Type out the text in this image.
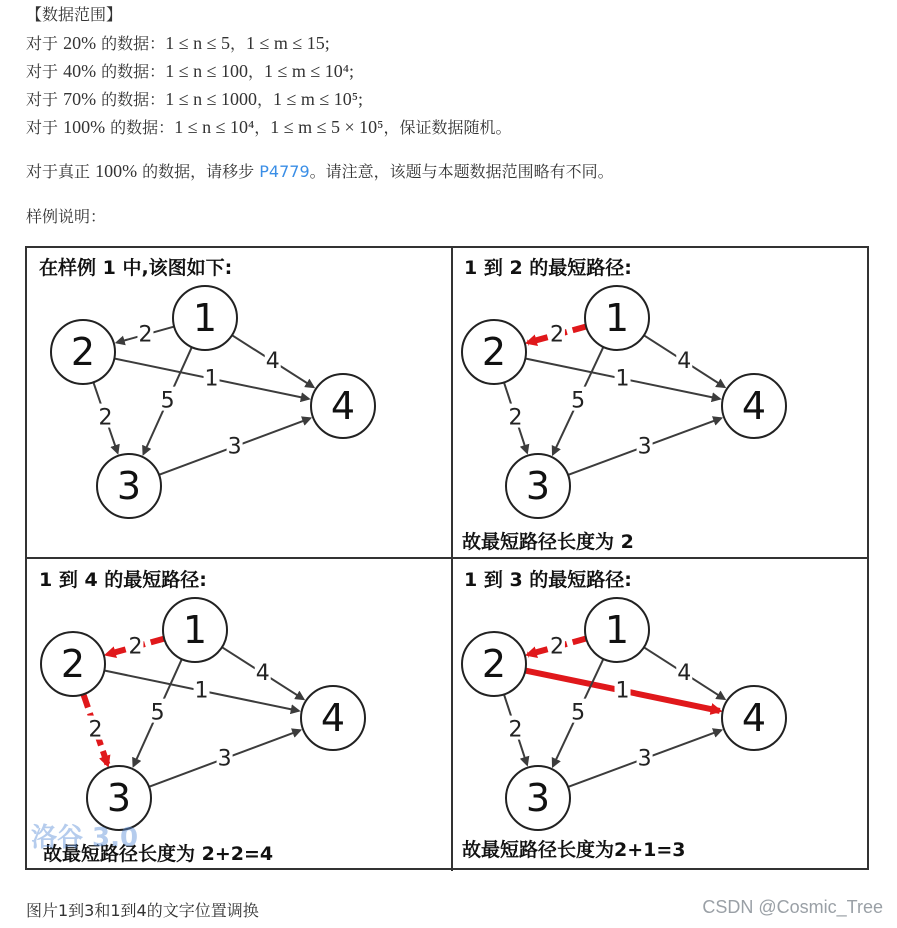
【数据范围】
对于 20% 的数据：1 ≤ n ≤ 5，1 ≤ m ≤ 15;
对于 40% 的数据：1 ≤ n ≤ 100，1 ≤ m ≤ 10⁴;
对于 70% 的数据：1 ≤ n ≤ 1000，1 ≤ m ≤ 10⁵;
对于 100% 的数据：1 ≤ n ≤ 10⁴，1 ≤ m ≤ 5 × 10⁵，保证数据随机。
对于真正 100% 的数据，请移步 P4779。请注意，该题与本题数据范围略有不同。
样例说明：
在样例 1 中,该图如下:
2
4
1
5
2
3
1
2
3
4
1 到 2 的最短路径:
2
4
1
5
2
3
1
2
3
4
故最短路径长度为 2
1 到 4 的最短路径:
2
4
1
5
2
3
1
2
3
4
故最短路径长度为 2+2=4
1 到 3 的最短路径:
2
4
1
5
2
3
1
2
3
4
故最短路径长度为2+1=3
洛谷 3.0
图片1到3和1到4的文字位置调换	CSDN @Cosmic_Tree
